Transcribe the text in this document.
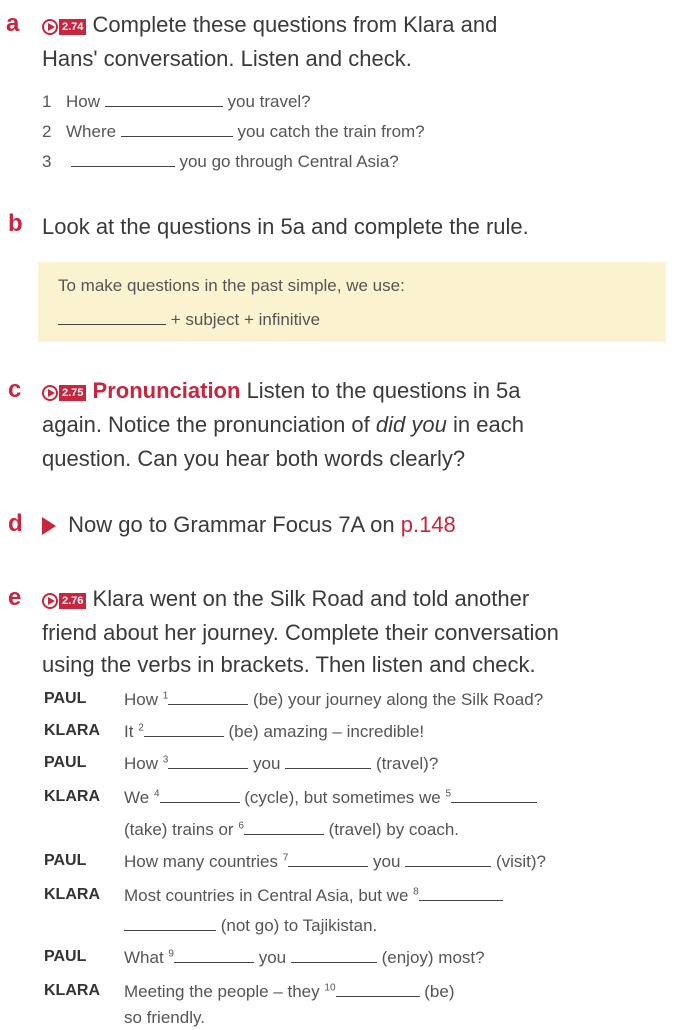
a	2.74 Complete these questions from Klara and
Hans' conversation. Listen and check.
1 How	you travel?
2 Where	you catch the train from?
3	you go through Central Asia?
b Look at the questions in 5a and complete the rule.
To make questions in the past simple, we use:
+ subject + infinitive
c	2.75 Pronunciation Listen to the questions in 5a
again. Notice the pronunciation of did you in each
question. Can you hear both words clearly?
d	Now go to Grammar Focus 7A on p.148
e	2.76 Klara went on the Silk Road and told another
friend about her journey. Complete their conversation
using the verbs in brackets. Then listen and check.
PAUL How $^1$	(be) your journey along the Silk Road?
KLARA It $^2$	(be) amazing – incredible!
PAUL How $^3$	you	(travel)?
KLARA We $^4$	(cycle), but sometimes we $^5$
(take) trains or $^6$	(travel) by coach.
PAUL How many countries $^7$	you	(visit)?
KLARA Most countries in Central Asia, but we $^8$
(not go) to Tajikistan.
PAUL What $^9$	you	(enjoy) most?
KLARA Meeting the people – they $^{10}$	(be)
so friendly.
